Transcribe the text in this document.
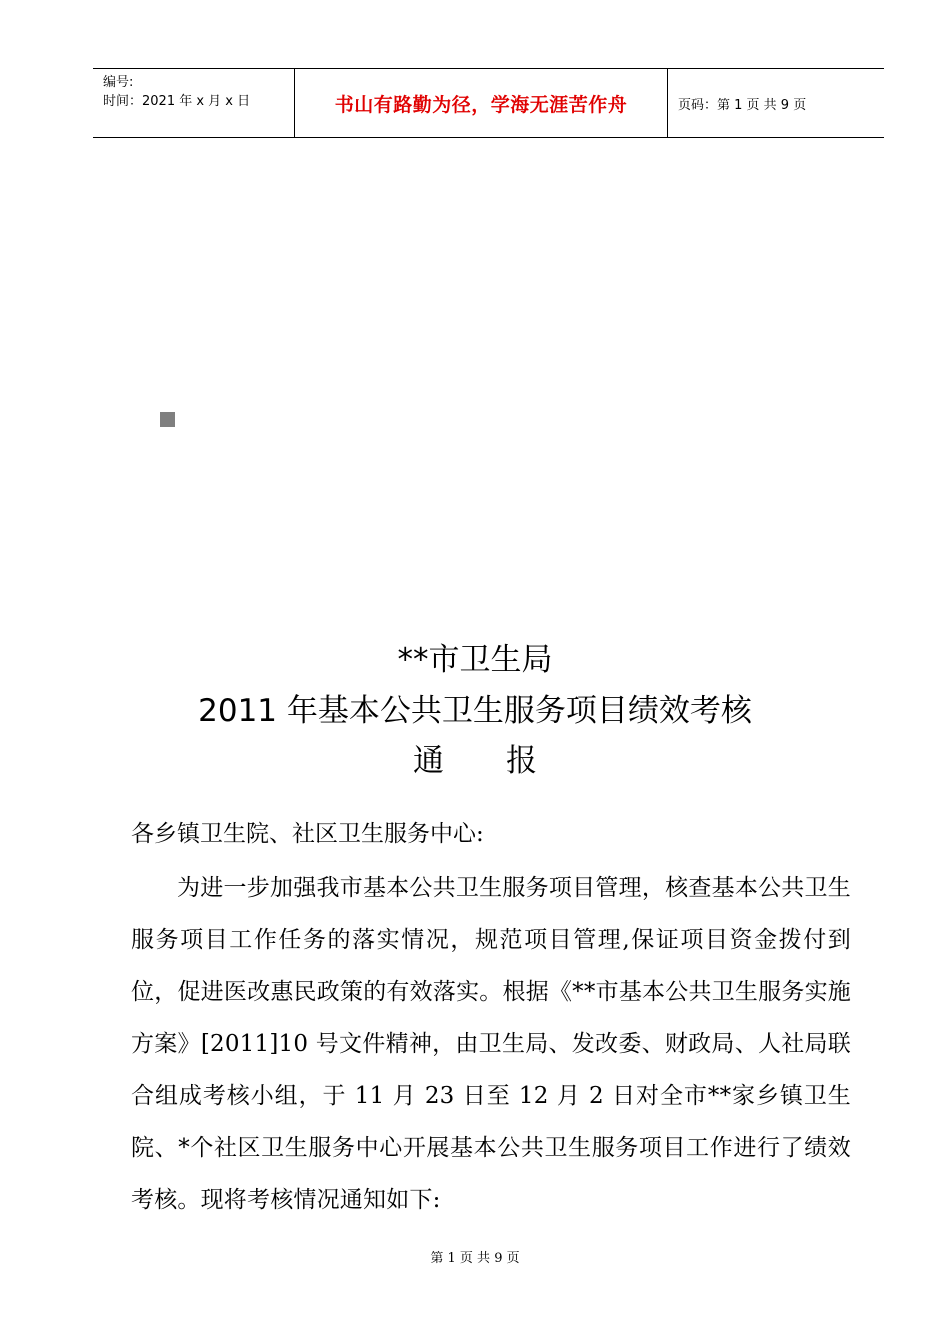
编号:
时间：2021 年 x 月 x 日	书山有路勤为径，学海无涯苦作舟	页码：第 1 页 共 9 页
**市卫生局
2011 年基本公共卫生服务项目绩效考核
通 报
各乡镇卫生院、社区卫生服务中心:
为进一步加强我市基本公共卫生服务项目管理，核查基本公共卫生服务项目工作任务的落实情况，规范项目管理,保证项目资金拨付到位，促进医改惠民政策的有效落实。根据《**市基本公共卫生服务实施方案》[2011]10 号文件精神，由卫生局、发改委、财政局、人社局联合组成考核小组，于 11 月 23 日至 12 月 2 日对全市**家乡镇卫生院、*个社区卫生服务中心开展基本公共卫生服务项目工作进行了绩效考核。现将考核情况通知如下:
第 1 页 共 9 页
